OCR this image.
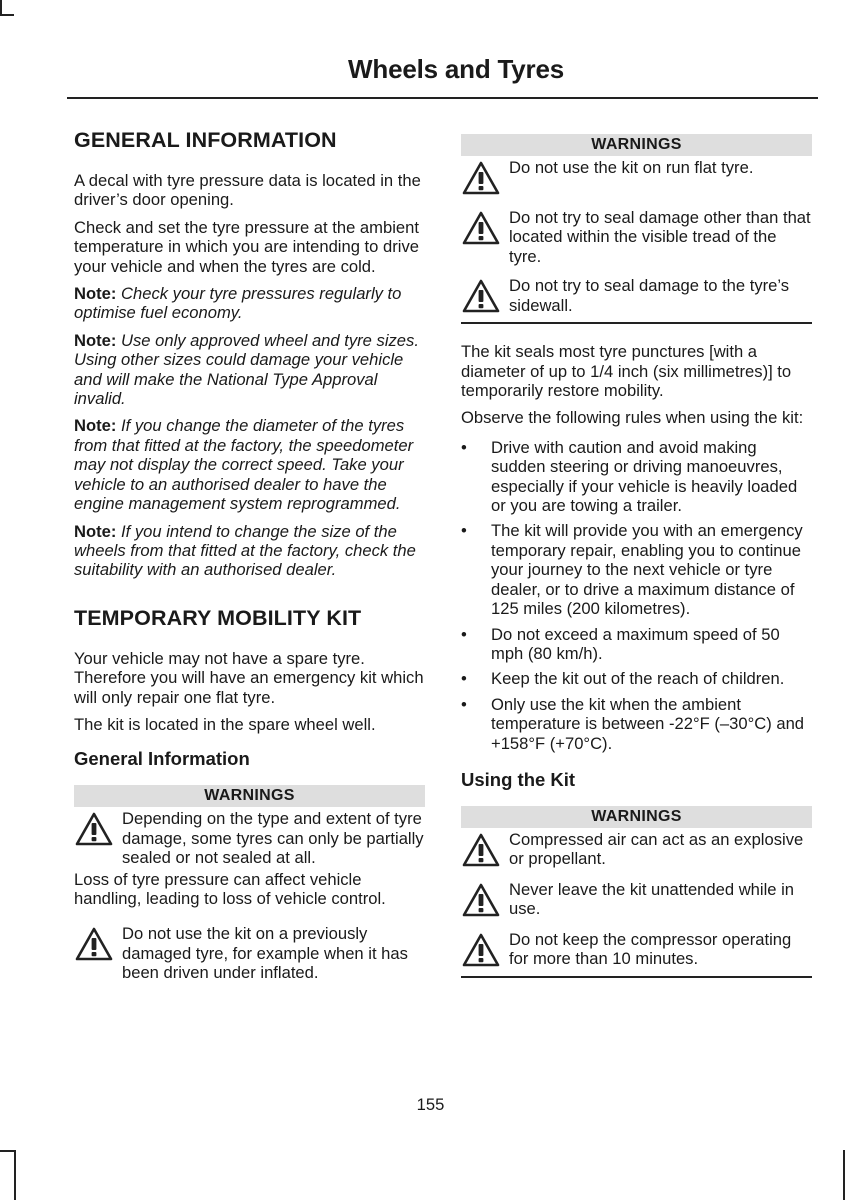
Wheels and Tyres
GENERAL INFORMATION

A decal with tyre pressure data is located in the driver’s door opening.

Check and set the tyre pressure at the ambient temperature in which you are intending to drive your vehicle and when the tyres are cold.

Note: Check your tyre pressures regularly to optimise fuel economy.

Note: Use only approved wheel and tyre sizes. Using other sizes could damage your vehicle and will make the National Type Approval invalid.

Note: If you change the diameter of the tyres from that fitted at the factory, the speedometer may not display the correct speed. Take your vehicle to an authorised dealer to have the engine management system reprogrammed.

Note: If you intend to change the size of the wheels from that fitted at the factory, check the suitability with an authorised dealer.

TEMPORARY MOBILITY KIT

Your vehicle may not have a spare tyre. Therefore you will have an emergency kit which will only repair one flat tyre.

The kit is located in the spare wheel well.

General Information
WARNINGS
Depending on the type and extent of tyre damage, some tyres can only be partially sealed or not sealed at all.

Loss of tyre pressure can affect vehicle handling, leading to loss of vehicle control.

Do not use the kit on a previously damaged tyre, for example when it has been driven under inflated.
WARNINGS
Do not use the kit on run flat tyre.
Do not try to seal damage other than that located within the visible tread of the tyre.
Do not try to seal damage to the tyre’s sidewall.

The kit seals most tyre punctures [with a diameter of up to 1/4 inch (six millimetres)] to temporarily restore mobility.

Observe the following rules when using the kit:

• Drive with caution and avoid making sudden steering or driving manoeuvres, especially if your vehicle is heavily loaded or you are towing a trailer.
• The kit will provide you with an emergency temporary repair, enabling you to continue your journey to the next vehicle or tyre dealer, or to drive a maximum distance of 125 miles (200 kilometres).
• Do not exceed a maximum speed of 50 mph (80 km/h).
• Keep the kit out of the reach of children.
• Only use the kit when the ambient temperature is between -22°F (–30°C) and +158°F (+70°C).
Using the Kit
WARNINGS
Compressed air can act as an explosive or propellant.
Never leave the kit unattended while in use.
Do not keep the compressor operating for more than 10 minutes.
155
